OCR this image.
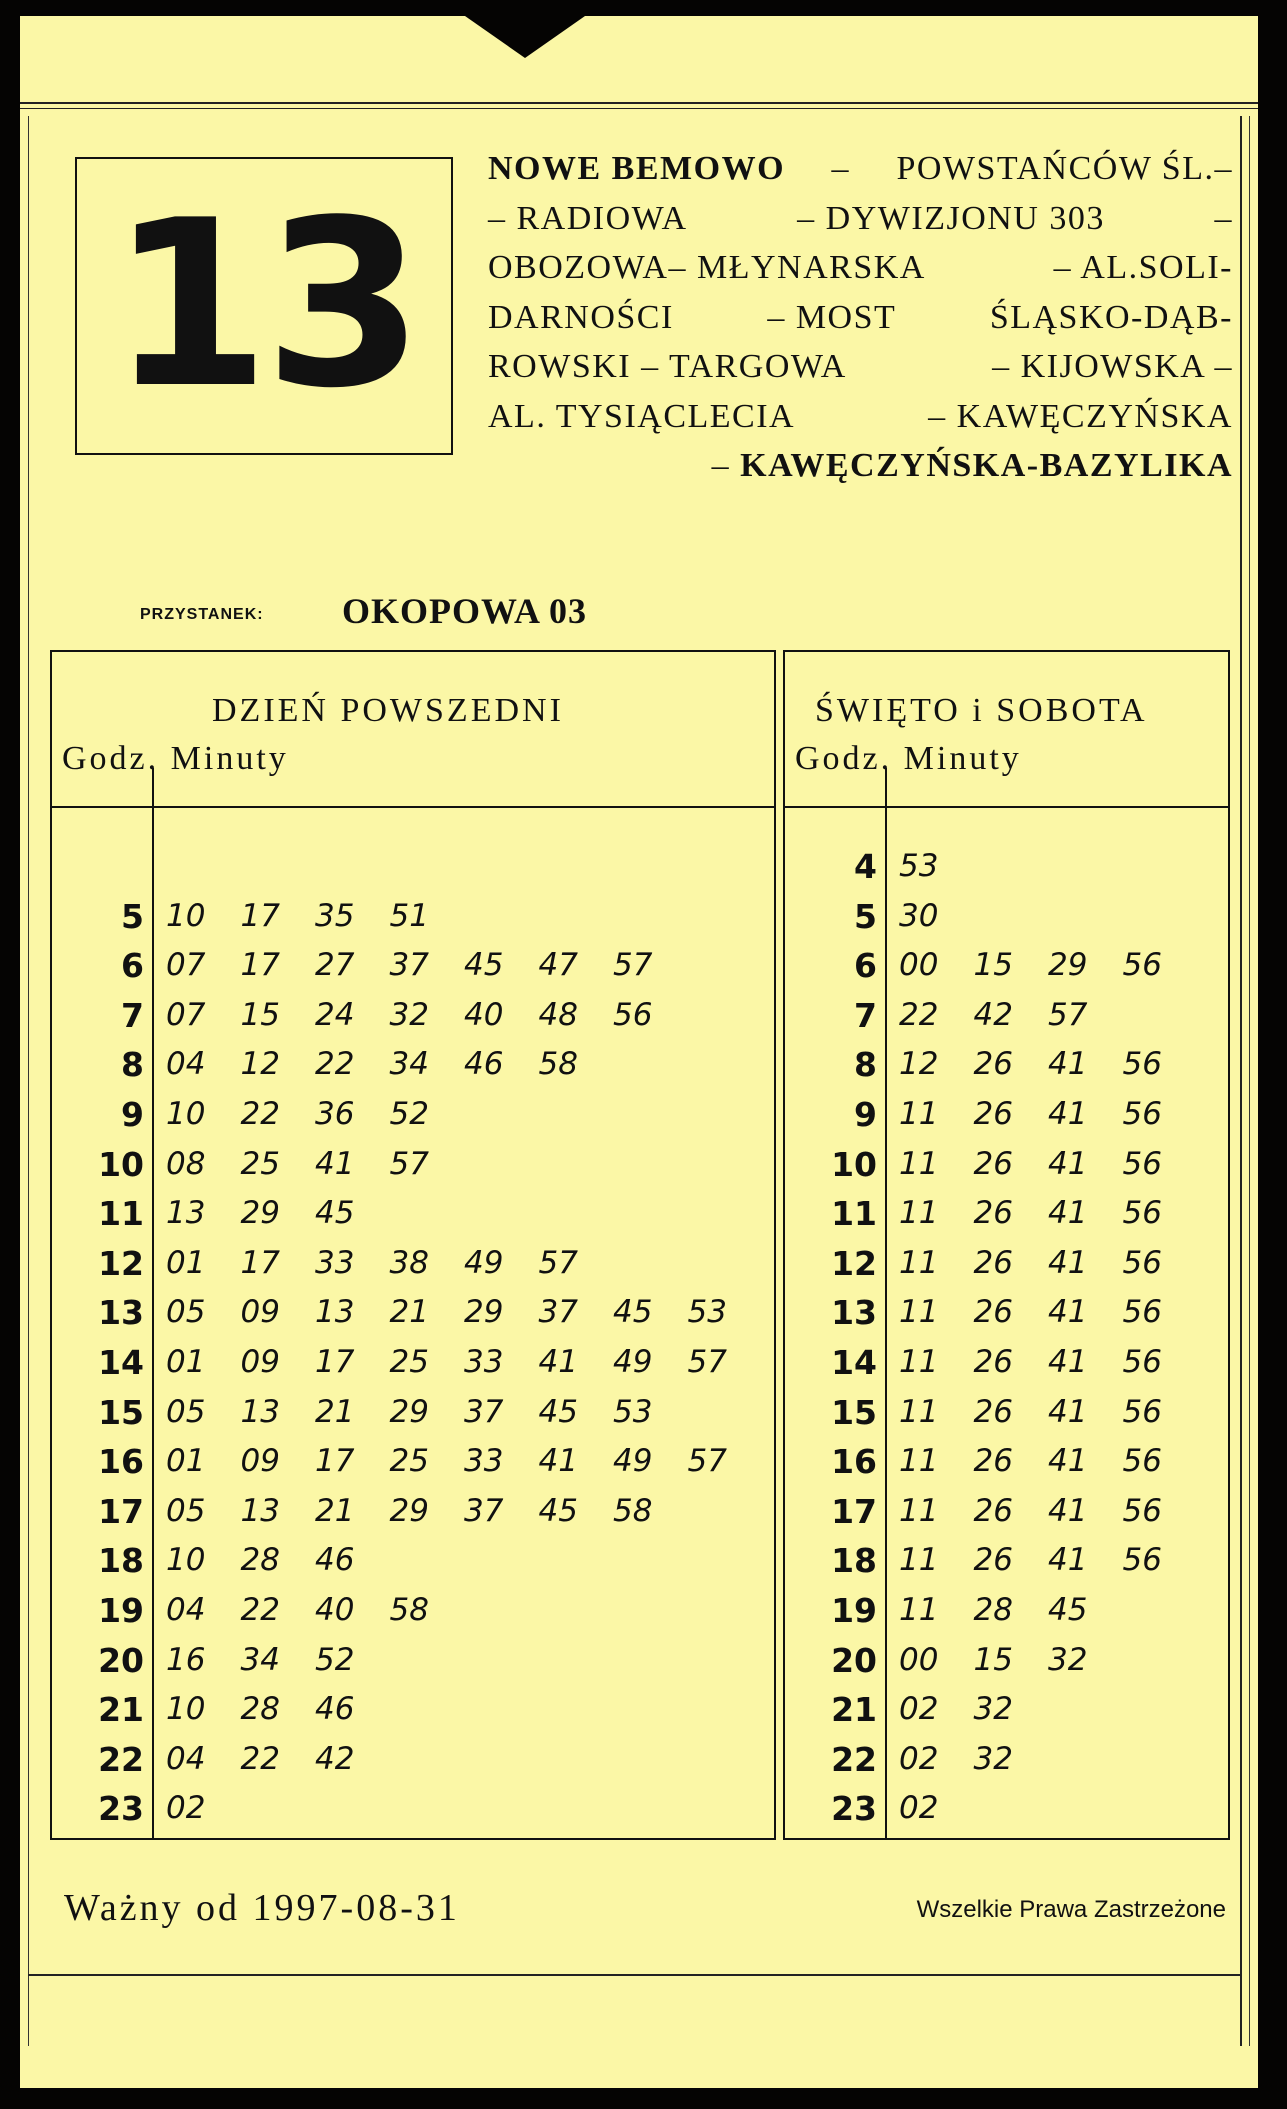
13
NOWE BEMOWO – POWSTAŃCÓW ŚL.–
– RADIOWA	– DYWIZJONU 303	–
OBOZOWA– MŁYNARSKA	– AL.SOLI-
DARNOŚCI	– MOST	ŚLĄSKO-DĄB-
ROWSKI – TARGOWA	– KIJOWSKA –
AL. TYSIĄCLECIA	– KAWĘCZYŃSKA
– KAWĘCZYŃSKA-BAZYLIKA
PRZYSTANEK: OKOPOWA 03
DZIEŃ POWSZEDNI
Godz. Minuty
5 10	17	35	51
6 07	17	27	37	45	47	57
7 07	15	24	32	40	48	56
8 04	12	22	34	46	58
9 10	22	36	52
10 08	25	41	57
11 13	29	45
12 01	17	33	38	49	57
13 05	09	13	21	29	37	45	53
14 01	09	17	25	33	41	49	57
15 05	13	21	29	37	45	53
16 01	09	17	25	33	41	49	57
17 05	13	21	29	37	45	58
18 10	28	46
19 04	22	40	58
20 16	34	52
21 10	28	46
22 04	22	42
23 02
ŚWIĘTO i SOBOTA
Godz. Minuty
4 53
5 30
6 00	15	29	56
7 22	42	57
8 12	26	41	56
9 11	26	41	56
10 11	26	41	56
11 11	26	41	56
12 11	26	41	56
13 11	26	41	56
14 11	26	41	56
15 11	26	41	56
16 11	26	41	56
17 11	26	41	56
18 11	26	41	56
19 11	28	45
20 00	15	32
21 02	32
22 02	32
23 02
Ważny od 1997-08-31	Wszelkie Prawa Zastrzeżone
